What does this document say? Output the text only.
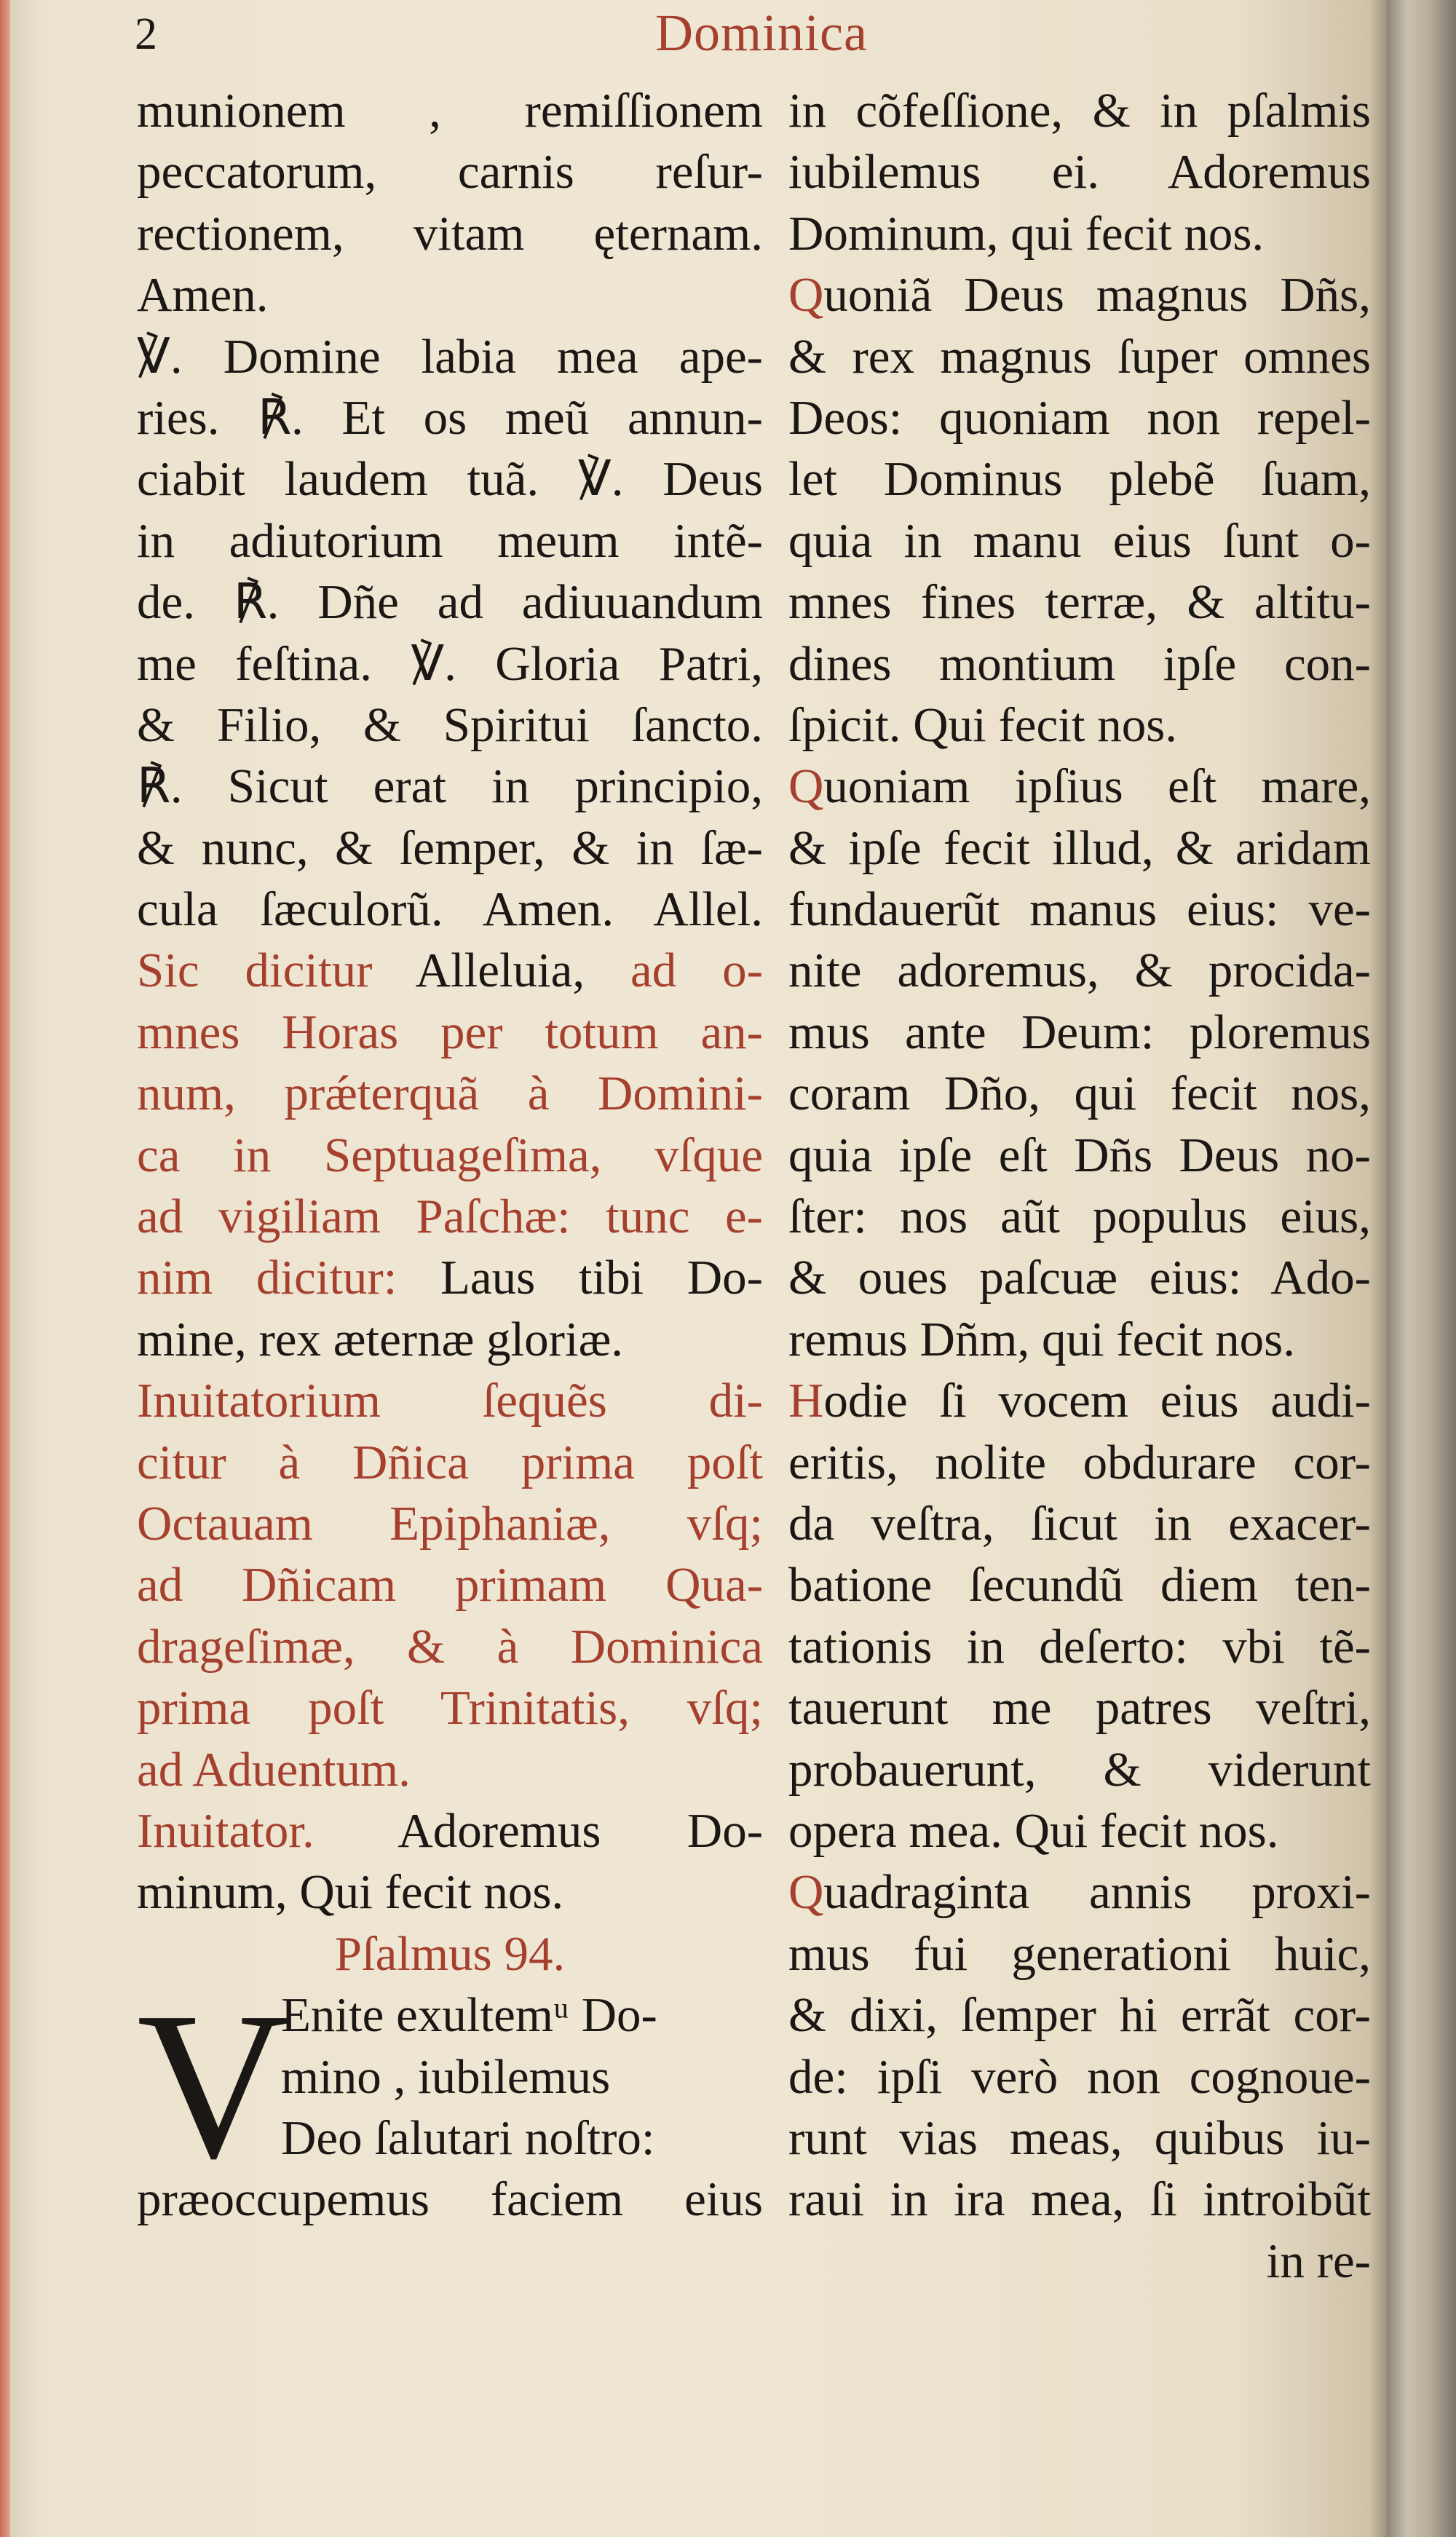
2	Dominica
munionem , remiſſionem
peccatorum, carnis reſur-
rectionem, vitam ęternam.
Amen.
℣. Domine labia mea ape-
ries. ℟. Et os meũ annun-
ciabit laudem tuã. ℣. Deus
in adiutorium meum intẽ-
de. ℟. Dñe ad adiuuandum
me feſtina. ℣. Gloria Patri,
& Filio, & Spiritui ſancto.
℟. Sicut erat in principio,
& nunc, & ſemper, & in ſæ-
cula ſæculorũ. Amen. Allel.
Sic dicitur Alleluia, ad o-
mnes Horas per totum an-
num, prǽterquã à Domini-
ca in Septuageſima, vſque
ad vigiliam Paſchæ: tunc e-
nim dicitur: Laus tibi Do-
mine, rex æternæ gloriæ.
Inuitatorium ſequẽs di-
citur à Dñica prima poſt
Octauam Epiphaniæ, vſq;
ad Dñicam primam Qua-
drageſimæ, & à Dominica
prima poſt Trinitatis, vſq;
ad Aduentum.
Inuitator. Adoremus Do-
minum, Qui fecit nos.
Pſalmus 94.
Enite exultemᵘ Do-
mino , iubilemus
Deo ſalutari noſtro:
præoccupemus faciem eius
V
in cõfeſſione, & in pſalmis
iubilemus ei. Adoremus
Dominum, qui fecit nos.
Quoniã Deus magnus Dñs,
& rex magnus ſuper omnes
Deos: quoniam non repel-
let Dominus plebẽ ſuam,
quia in manu eius ſunt o-
mnes fines terræ, & altitu-
dines montium ipſe con-
ſpicit. Qui fecit nos.
Quoniam ipſius eſt mare,
& ipſe fecit illud, & aridam
fundauerũt manus eius: ve-
nite adoremus, & procida-
mus ante Deum: ploremus
coram Dño, qui fecit nos,
quia ipſe eſt Dñs Deus no-
ſter: nos aũt populus eius,
& oues paſcuæ eius: Ado-
remus Dñm, qui fecit nos.
Hodie ſi vocem eius audi-
eritis, nolite obdurare cor-
da veſtra, ſicut in exacer-
batione ſecundũ diem ten-
tationis in deſerto: vbi tẽ-
tauerunt me patres veſtri,
probauerunt, & viderunt
opera mea. Qui fecit nos.
Quadraginta annis proxi-
mus fui generationi huic,
& dixi, ſemper hi errãt cor-
de: ipſi verò non cognoue-
runt vias meas, quibus iu-
raui in ira mea, ſi introibũt
in re-
